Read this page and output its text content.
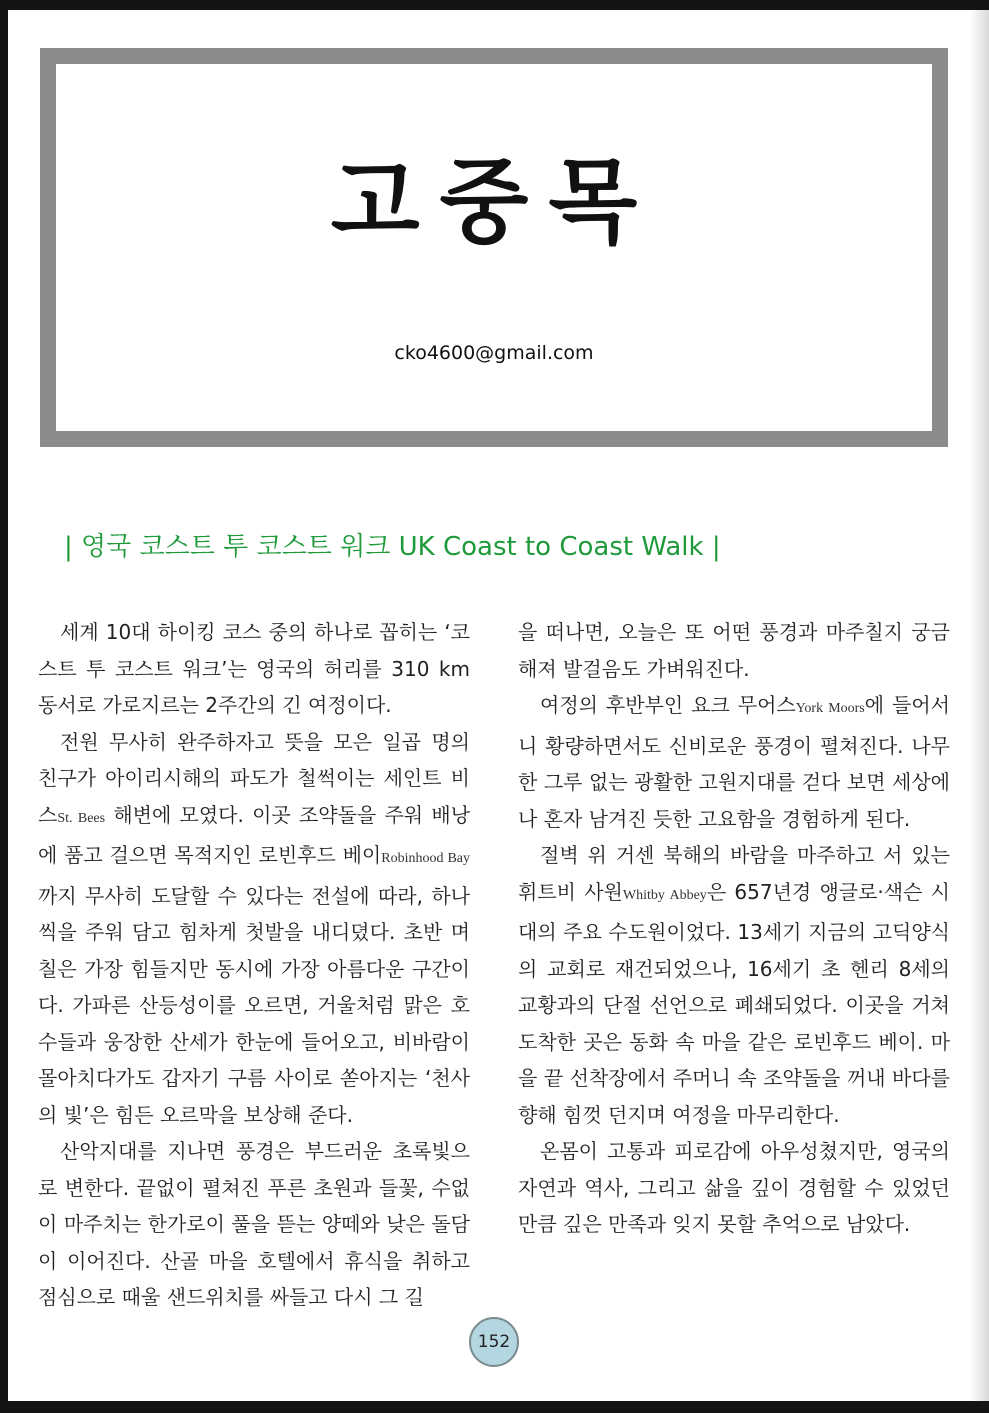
고중목
cko4600@gmail.com
| 영국 코스트 투 코스트 워크 UK Coast to Coast Walk |

세계 10대 하이킹 코스 중의 하나로 꼽히는 ‘코스트 투 코스트 워크’는 영국의 허리를 310 km 동서로 가로지르는 2주간의 긴 여정이다.

전원 무사히 완주하자고 뜻을 모은 일곱 명의 친구가 아이리시해의 파도가 철썩이는 세인트 비스St. Bees 해변에 모였다. 이곳 조약돌을 주워 배낭에 품고 걸으면 목적지인 로빈후드 베이Robinhood Bay까지 무사히 도달할 수 있다는 전설에 따라, 하나씩을 주워 담고 힘차게 첫발을 내디뎠다. 초반 며칠은 가장 힘들지만 동시에 가장 아름다운 구간이다. 가파른 산등성이를 오르면, 거울처럼 맑은 호수들과 웅장한 산세가 한눈에 들어오고, 비바람이 몰아치다가도 갑자기 구름 사이로 쏟아지는 ‘천사의 빛’은 힘든 오르막을 보상해 준다.

산악지대를 지나면 풍경은 부드러운 초록빛으로 변한다. 끝없이 펼쳐진 푸른 초원과 들꽃, 수없이 마주치는 한가로이 풀을 뜯는 양떼와 낮은 돌담이 이어진다. 산골 마을 호텔에서 휴식을 취하고 점심으로 때울 샌드위치를 싸들고 다시 그 길

을 떠나면, 오늘은 또 어떤 풍경과 마주칠지 궁금해져 발걸음도 가벼워진다.

여정의 후반부인 요크 무어스York Moors에 들어서니 황량하면서도 신비로운 풍경이 펼쳐진다. 나무 한 그루 없는 광활한 고원지대를 걷다 보면 세상에 나 혼자 남겨진 듯한 고요함을 경험하게 된다.

절벽 위 거센 북해의 바람을 마주하고 서 있는 휘트비 사원Whitby Abbey은 657년경 앵글로·색슨 시대의 주요 수도원이었다. 13세기 지금의 고딕양식의 교회로 재건되었으나, 16세기 초 헨리 8세의 교황과의 단절 선언으로 폐쇄되었다. 이곳을 거쳐 도착한 곳은 동화 속 마을 같은 로빈후드 베이. 마을 끝 선착장에서 주머니 속 조약돌을 꺼내 바다를 향해 힘껏 던지며 여정을 마무리한다.

온몸이 고통과 피로감에 아우성쳤지만, 영국의 자연과 역사, 그리고 삶을 깊이 경험할 수 있었던 만큼 깊은 만족과 잊지 못할 추억으로 남았다.

152
